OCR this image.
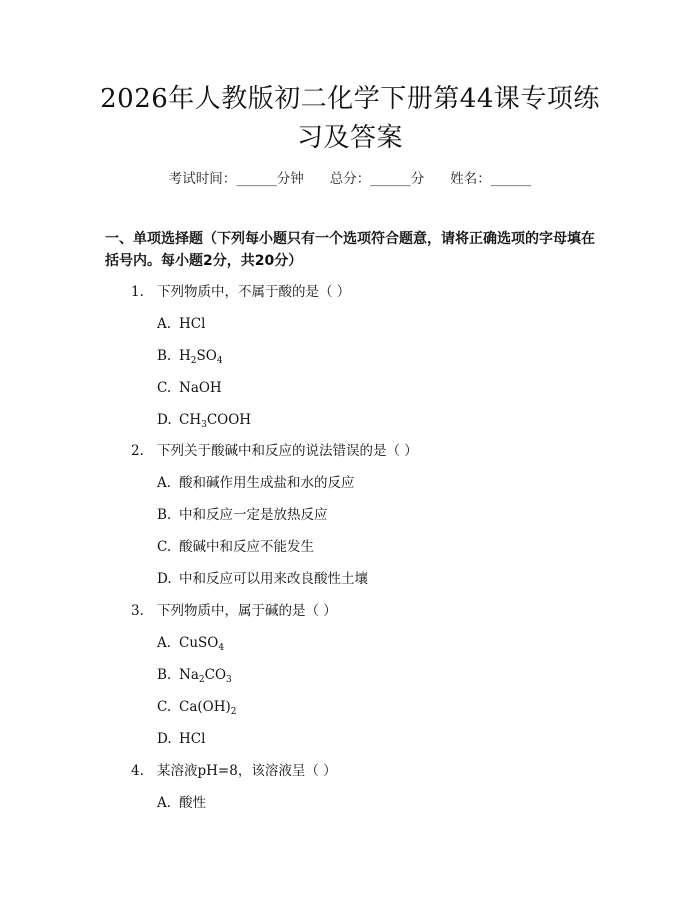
2026年人教版初二化学下册第44课专项练习及答案
考试时间：______分钟 总分：______分 姓名：______
一、单项选择题（下列每小题只有一个选项符合题意，请将正确选项的字母填在括号内。每小题2分，共20分）
1. 下列物质中，不属于酸的是（ ）
A. HCl
B. $H_2SO_4$
C. NaOH
D. $CH_3COOH$
2. 下列关于酸碱中和反应的说法错误的是（ ）
A. 酸和碱作用生成盐和水的反应
B. 中和反应一定是放热反应
C. 酸碱中和反应不能发生
D. 中和反应可以用来改良酸性土壤
3. 下列物质中，属于碱的是（ ）
A. CuSO$_4$
B. $Na_2CO_3$
C. $Ca(OH)_2$
D. HCl
4. 某溶液pH=8，该溶液呈（ ）
A. 酸性
